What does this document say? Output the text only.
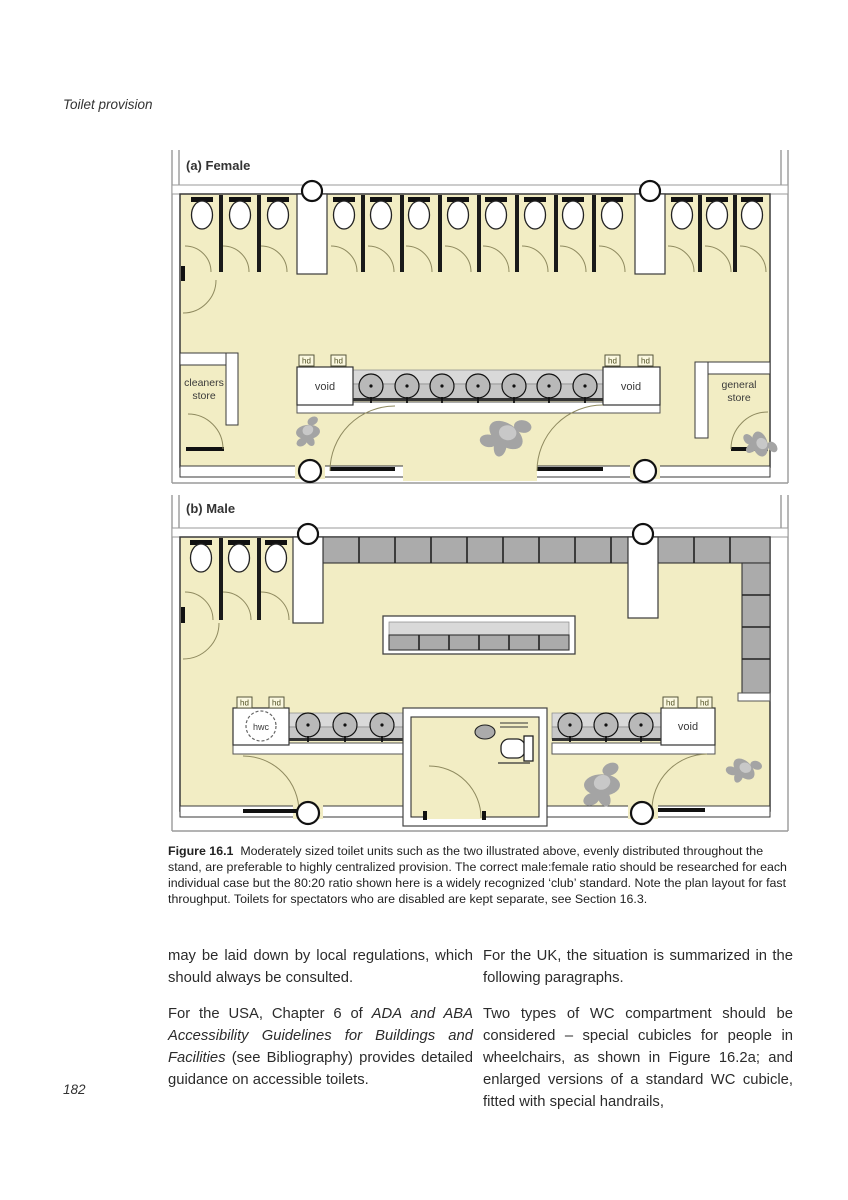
Toilet provision
void	void
hd	hd	hd	hd
cleaners
store
general
store
(a) Female
hwc
hd	hd
void
hd	hd
(b) Male
Figure 16.1 Moderately sized toilet units such as the two illustrated above, evenly distributed throughout the stand, are preferable to highly centralized provision. The correct male:female ratio should be researched for each individual case but the 80:20 ratio shown here is a widely recognized ‘club’ standard. Note the plan layout for fast throughput. Toilets for spectators who are disabled are kept separate, see Section 16.3.

may be laid down by local regulations, which should always be consulted.

For the USA, Chapter 6 of ADA and ABA Accessibility Guidelines for Buildings and Facilities (see Bibliography) provides detailed guidance on accessible toilets.

For the UK, the situation is summarized in the following paragraphs.

Two types of WC compartment should be considered – special cubicles for people in wheelchairs, as shown in Figure 16.2a; and enlarged versions of a standard WC cubicle, fitted with special handrails,

182
